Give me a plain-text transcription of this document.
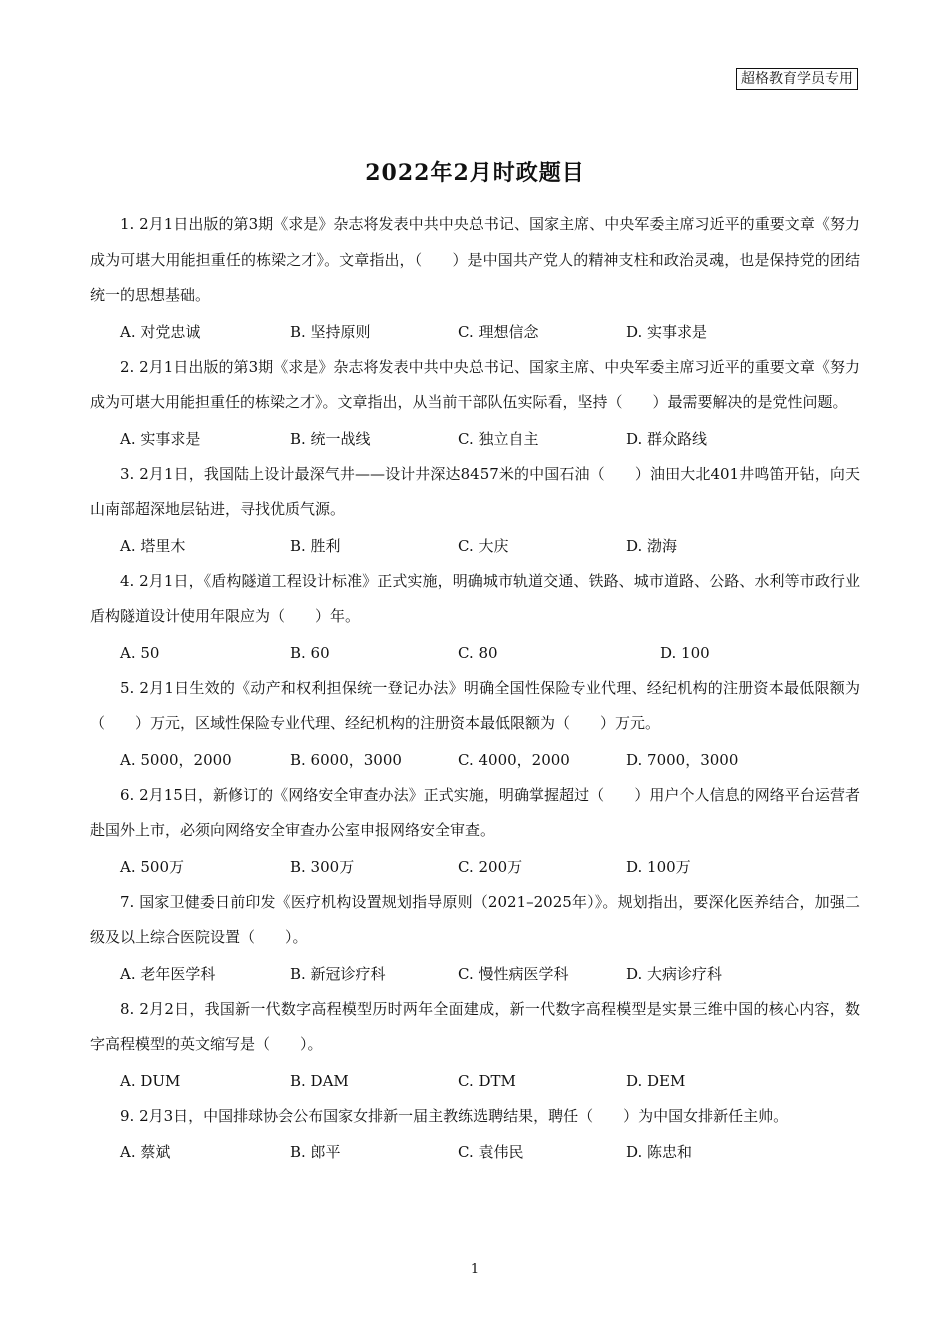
超格教育学员专用
2022年2月时政题目

1. 2月1日出版的第3期《求是》杂志将发表中共中央总书记、国家主席、中央军委主席习近平的重要文章《努力成为可堪大用能担重任的栋梁之才》。文章指出，（　　）是中国共产党人的精神支柱和政治灵魂，也是保持党的团结统一的思想基础。

A. 对党忠诚	B. 坚持原则	C. 理想信念	D. 实事求是

2. 2月1日出版的第3期《求是》杂志将发表中共中央总书记、国家主席、中央军委主席习近平的重要文章《努力成为可堪大用能担重任的栋梁之才》。文章指出，从当前干部队伍实际看，坚持（　　）最需要解决的是党性问题。

A. 实事求是	B. 统一战线	C. 独立自主	D. 群众路线

3. 2月1日，我国陆上设计最深气井——设计井深达8457米的中国石油（　　）油田大北401井鸣笛开钻，向天山南部超深地层钻进，寻找优质气源。

A. 塔里木	B. 胜利	C. 大庆	D. 渤海

4. 2月1日，《盾构隧道工程设计标准》正式实施，明确城市轨道交通、铁路、城市道路、公路、水利等市政行业盾构隧道设计使用年限应为（　　）年。

A. 50	B. 60	C. 80	D. 100

5. 2月1日生效的《动产和权利担保统一登记办法》明确全国性保险专业代理、经纪机构的注册资本最低限额为（　　）万元，区域性保险专业代理、经纪机构的注册资本最低限额为（　　）万元。

A. 5000，2000	B. 6000，3000	C. 4000，2000	D. 7000，3000

6. 2月15日，新修订的《网络安全审查办法》正式实施，明确掌握超过（　　）用户个人信息的网络平台运营者赴国外上市，必须向网络安全审查办公室申报网络安全审查。

A. 500万	B. 300万	C. 200万	D. 100万

7. 国家卫健委日前印发《医疗机构设置规划指导原则（2021–2025年）》。规划指出，要深化医养结合，加强二级及以上综合医院设置（　　）。

A. 老年医学科	B. 新冠诊疗科	C. 慢性病医学科	D. 大病诊疗科

8. 2月2日，我国新一代数字高程模型历时两年全面建成，新一代数字高程模型是实景三维中国的核心内容，数字高程模型的英文缩写是（　　）。

A. DUM	B. DAM	C. DTM	D. DEM

9. 2月3日，中国排球协会公布国家女排新一届主教练选聘结果，聘任（　　）为中国女排新任主帅。

A. 蔡斌	B. 郎平	C. 袁伟民	D. 陈忠和
1
